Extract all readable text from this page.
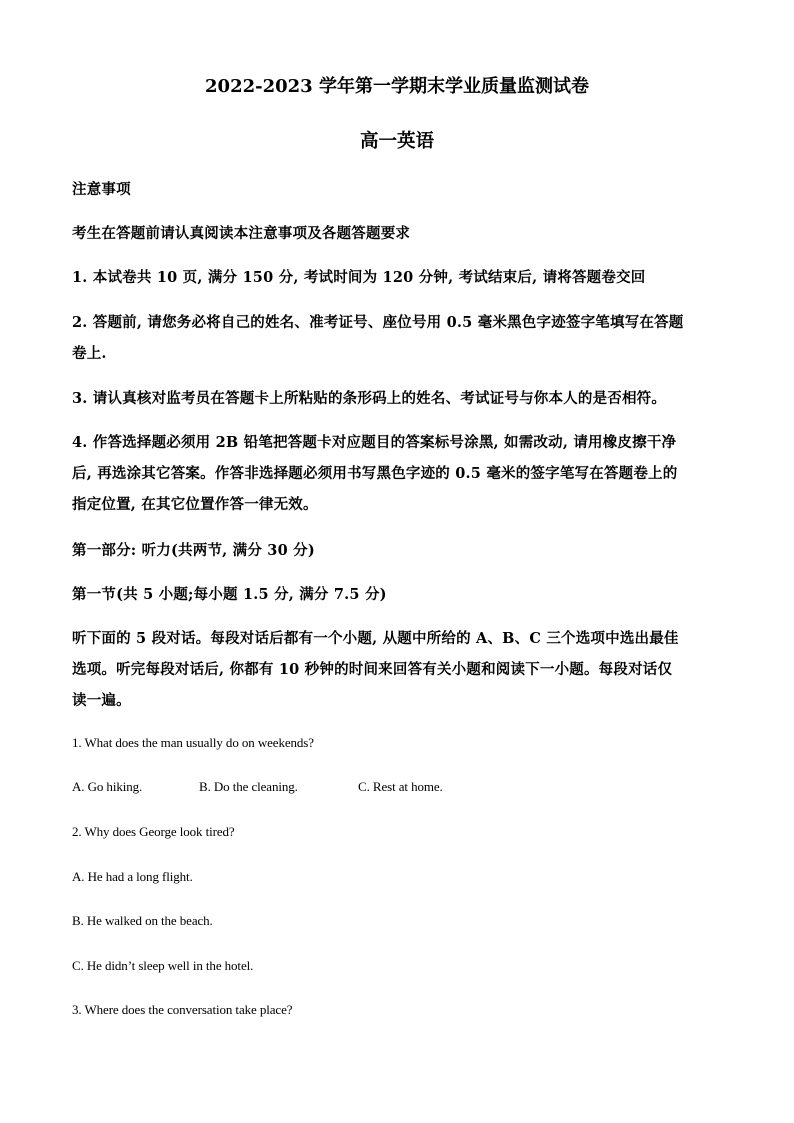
2022-2023 学年第一学期末学业质量监测试卷
高一英语
注意事项
考生在答题前请认真阅读本注意事项及各题答题要求
1. 本试卷共 10 页, 满分 150 分, 考试时间为 120 分钟, 考试结束后, 请将答题卷交回
2. 答题前, 请您务必将自己的姓名、准考证号、座位号用 0.5 毫米黑色字迹签字笔填写在答题
卷上.
3. 请认真核对监考员在答题卡上所粘贴的条形码上的姓名、考试证号与你本人的是否相符。
4. 作答选择题必须用 2B 铅笔把答题卡对应题目的答案标号涂黑, 如需改动, 请用橡皮擦干净
后, 再选涂其它答案。作答非选择题必须用书写黑色字迹的 0.5 毫米的签字笔写在答题卷上的
指定位置, 在其它位置作答一律无效。
第一部分: 听力(共两节, 满分 30 分)
第一节(共 5 小题;每小题 1.5 分, 满分 7.5 分)
听下面的 5 段对话。每段对话后都有一个小题, 从题中所给的 A、B、C 三个选项中选出最佳
选项。听完每段对话后, 你都有 10 秒钟的时间来回答有关小题和阅读下一小题。每段对话仅
读一遍。
1. What does the man usually do on weekends?
A. Go hiking.	B. Do the cleaning.	C. Rest at home.
2. Why does George look tired?
A. He had a long flight.
B. He walked on the beach.
C. He didn’t sleep well in the hotel.
3. Where does the conversation take place?
